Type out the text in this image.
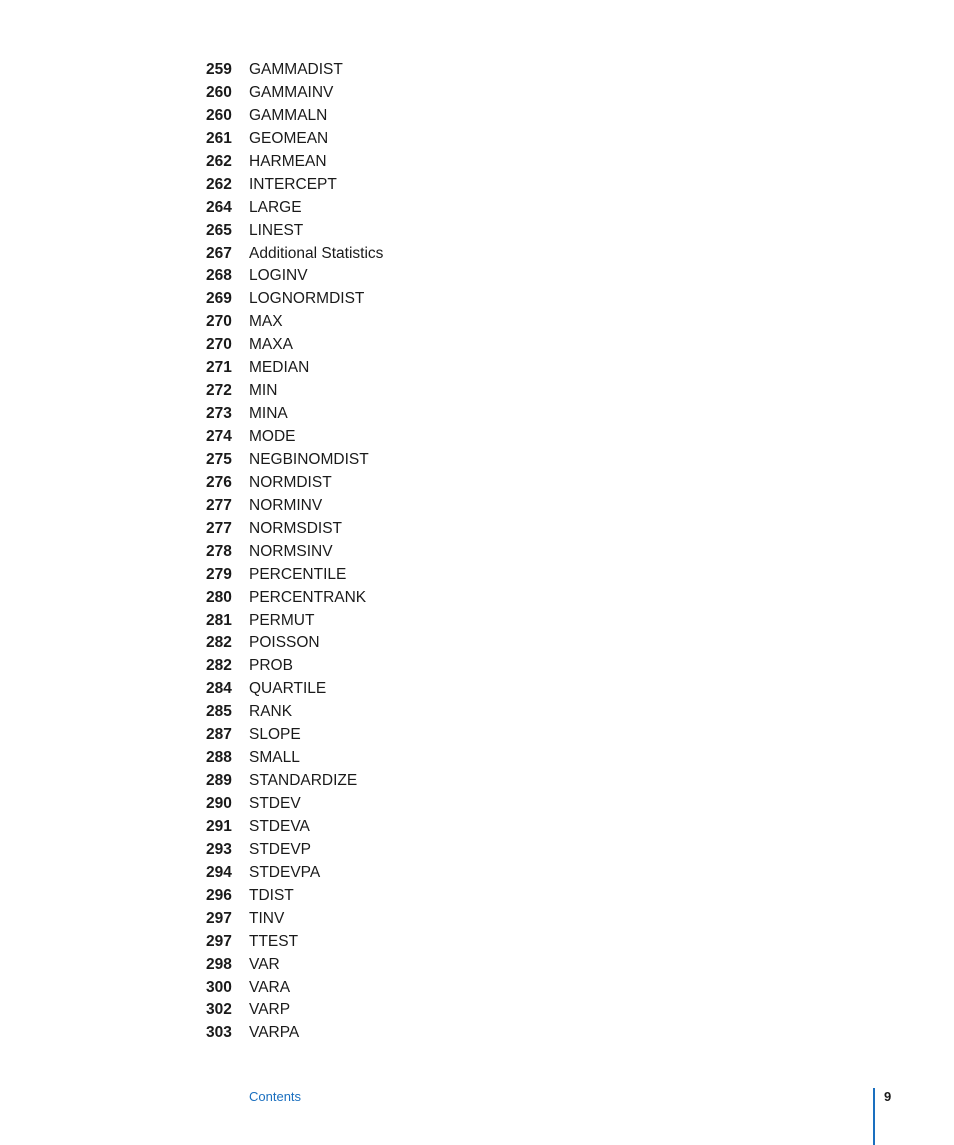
259 GAMMADIST
260 GAMMAINV
260 GAMMALN
261 GEOMEAN
262 HARMEAN
262 INTERCEPT
264 LARGE
265 LINEST
267 Additional Statistics
268 LOGINV
269 LOGNORMDIST
270 MAX
270 MAXA
271 MEDIAN
272 MIN
273 MINA
274 MODE
275 NEGBINOMDIST
276 NORMDIST
277 NORMINV
277 NORMSDIST
278 NORMSINV
279 PERCENTILE
280 PERCENTRANK
281 PERMUT
282 POISSON
282 PROB
284 QUARTILE
285 RANK
287 SLOPE
288 SMALL
289 STANDARDIZE
290 STDEV
291 STDEVA
293 STDEVP
294 STDEVPA
296 TDIST
297 TINV
297 TTEST
298 VAR
300 VARA
302 VARP
303 VARPA
Contents	9
